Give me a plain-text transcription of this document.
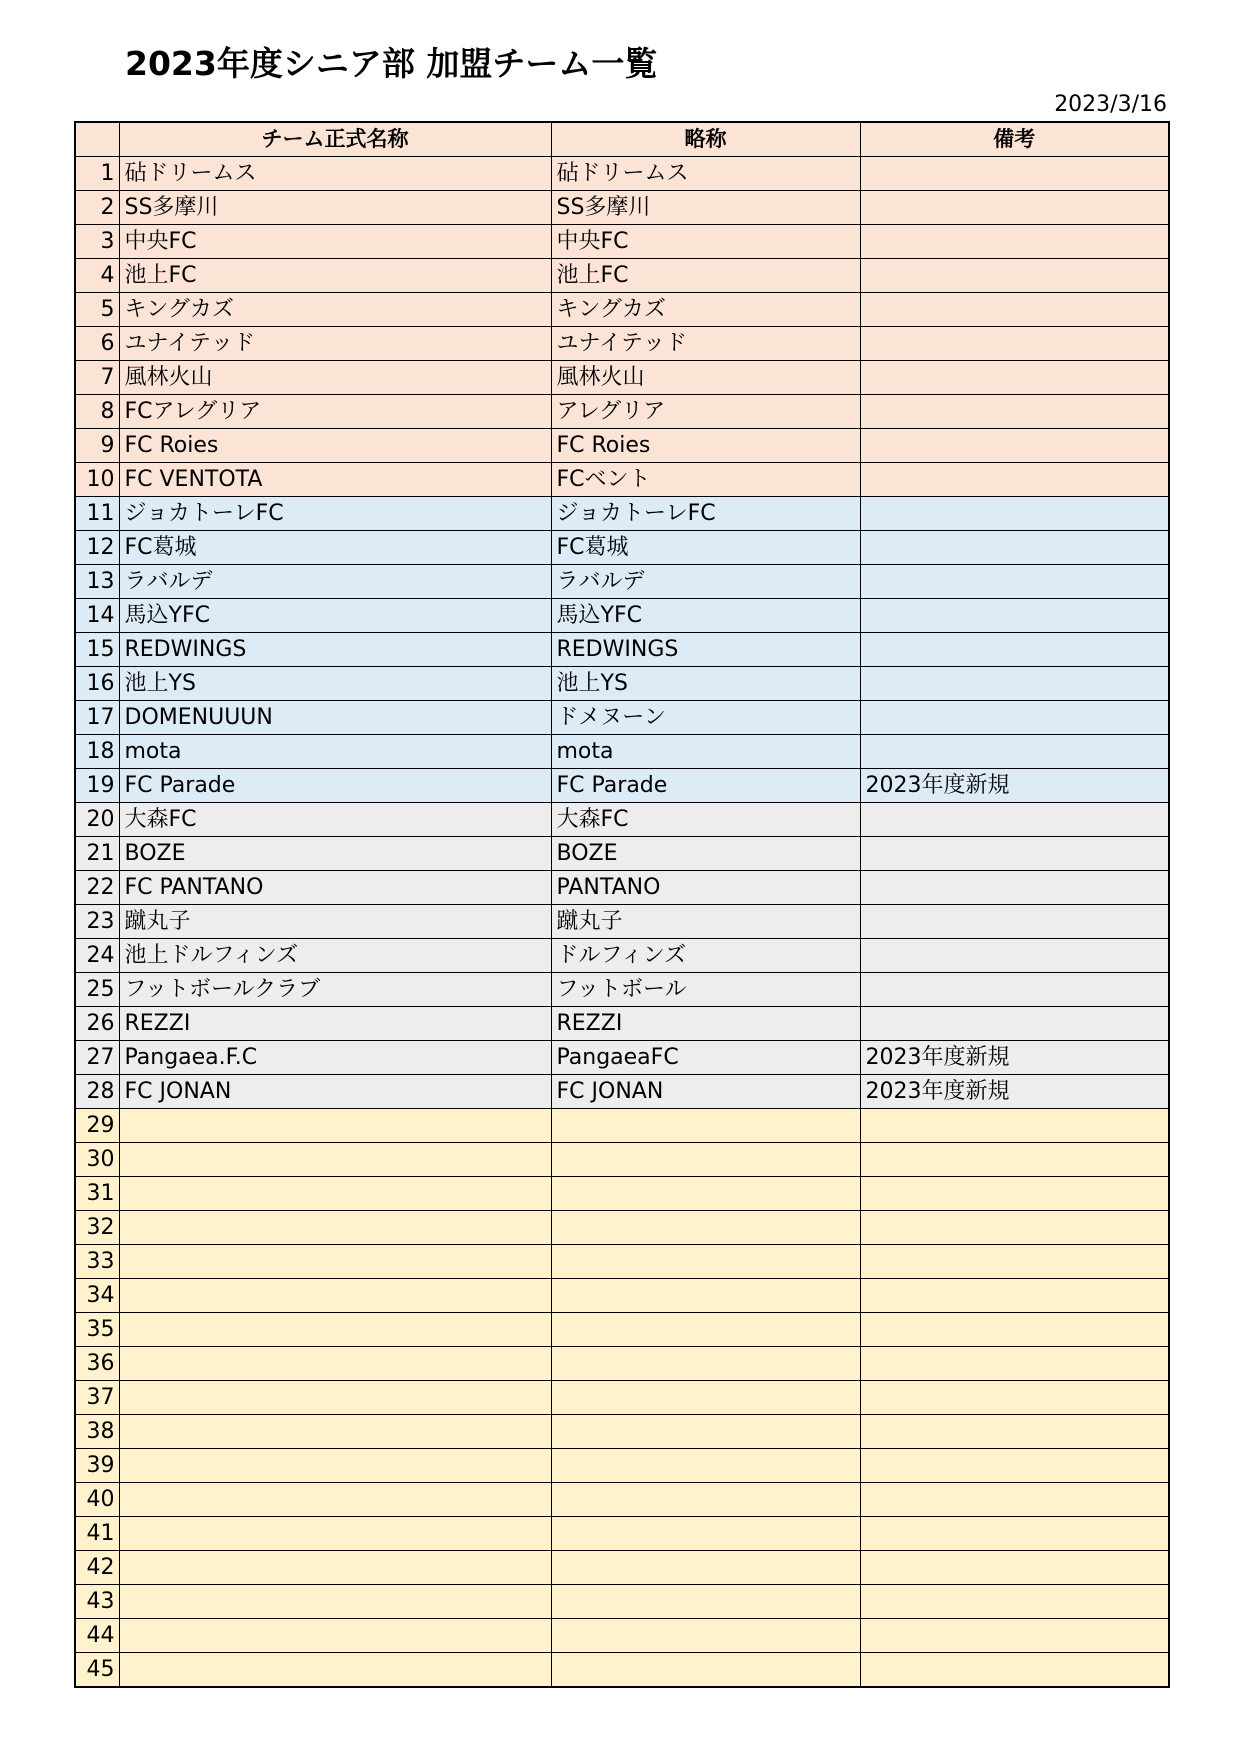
2023年度シニア部 加盟チーム一覧
2023/3/16
	チーム正式名称	略称	備考
1	砧ドリームス	砧ドリームス	
2	SS多摩川	SS多摩川	
3	中央FC	中央FC	
4	池上FC	池上FC	
5	キングカズ	キングカズ	
6	ユナイテッド	ユナイテッド	
7	風林火山	風林火山	
8	FCアレグリア	アレグリア	
9	FC Roies	FC Roies	
10	FC VENTOTA	FCベント	
11	ジョカトーレFC	ジョカトーレFC	
12	FC葛城	FC葛城	
13	ラバルデ	ラバルデ	
14	馬込YFC	馬込YFC	
15	REDWINGS	REDWINGS	
16	池上YS	池上YS	
17	DOMENUUUN	ドメヌーン	
18	mota	mota	
19	FC Parade	FC Parade	2023年度新規
20	大森FC	大森FC	
21	BOZE	BOZE	
22	FC PANTANO	PANTANO	
23	蹴丸子	蹴丸子	
24	池上ドルフィンズ	ドルフィンズ	
25	フットボールクラブ	フットボール	
26	REZZI	REZZI	
27	Pangaea.F.C	PangaeaFC	2023年度新規
28	FC JONAN	FC JONAN	2023年度新規
29			
30			
31			
32			
33			
34			
35			
36			
37			
38			
39			
40			
41			
42			
43			
44			
45			
